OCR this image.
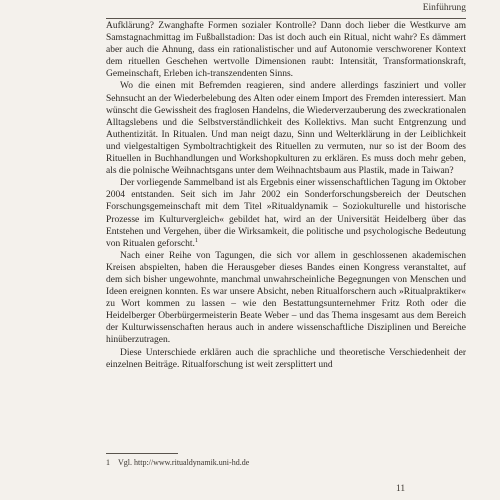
Einführung

Aufklärung? Zwanghafte Formen sozialer Kontrolle? Dann doch lieber die Westkurve am Samstagnachmittag im Fußballstadion: Das ist doch auch ein Ritual, nicht wahr? Es dämmert aber auch die Ahnung, dass ein rationalistischer und auf Autonomie verschworener Kontext dem rituellen Geschehen wertvolle Dimensionen raubt: Intensität, Transformationskraft, Gemeinschaft, Erleben ich-transzendenten Sinns.

Wo die einen mit Befremden reagieren, sind andere allerdings fasziniert und voller Sehnsucht an der Wiederbelebung des Alten oder einem Import des Fremden interessiert. Man wünscht die Gewissheit des fraglosen Handelns, die Wiederverzauberung des zweckrationalen Alltagslebens und die Selbstverständlichkeit des Kollektivs. Man sucht Entgrenzung und Authentizität. In Ritualen. Und man neigt dazu, Sinn und Welterklärung in der Leiblichkeit und vielgestaltigen Symboltrachtigkeit des Rituellen zu vermuten, nur so ist der Boom des Rituellen in Buchhandlungen und Workshopkulturen zu erklären. Es muss doch mehr geben, als die polnische Weihnachtsgans unter dem Weihnachtsbaum aus Plastik, made in Taiwan?

Der vorliegende Sammelband ist als Ergebnis einer wissenschaftlichen Tagung im Oktober 2004 entstanden. Seit sich im Jahr 2002 ein Sonderforschungsbereich der Deutschen Forschungsgemeinschaft mit dem Titel »Ritualdynamik – Soziokulturelle und historische Prozesse im Kulturvergleich« gebildet hat, wird an der Universität Heidelberg über das Entstehen und Vergehen, über die Wirksamkeit, die politische und psychologische Bedeutung von Ritualen geforscht.$^1$

Nach einer Reihe von Tagungen, die sich vor allem in geschlossenen akademischen Kreisen abspielten, haben die Herausgeber dieses Bandes einen Kongress veranstaltet, auf dem sich bisher ungewohnte, manchmal unwahrscheinliche Begegnungen von Menschen und Ideen ereignen konnten. Es war unsere Absicht, neben Ritualforschern auch »Ritualpraktiker« zu Wort kommen zu lassen – wie den Bestattungsunternehmer Fritz Roth oder die Heidelberger Oberbürgermeisterin Beate Weber – und das Thema insgesamt aus dem Bereich der Kulturwissenschaften heraus auch in andere wissenschaftliche Disziplinen und Bereiche hinüberzutragen.

Diese Unterschiede erklären auch die sprachliche und theoretische Verschiedenheit der einzelnen Beiträge. Ritualforschung ist weit zersplittert und

1 Vgl. http://www.ritualdynamik.uni-hd.de
11
